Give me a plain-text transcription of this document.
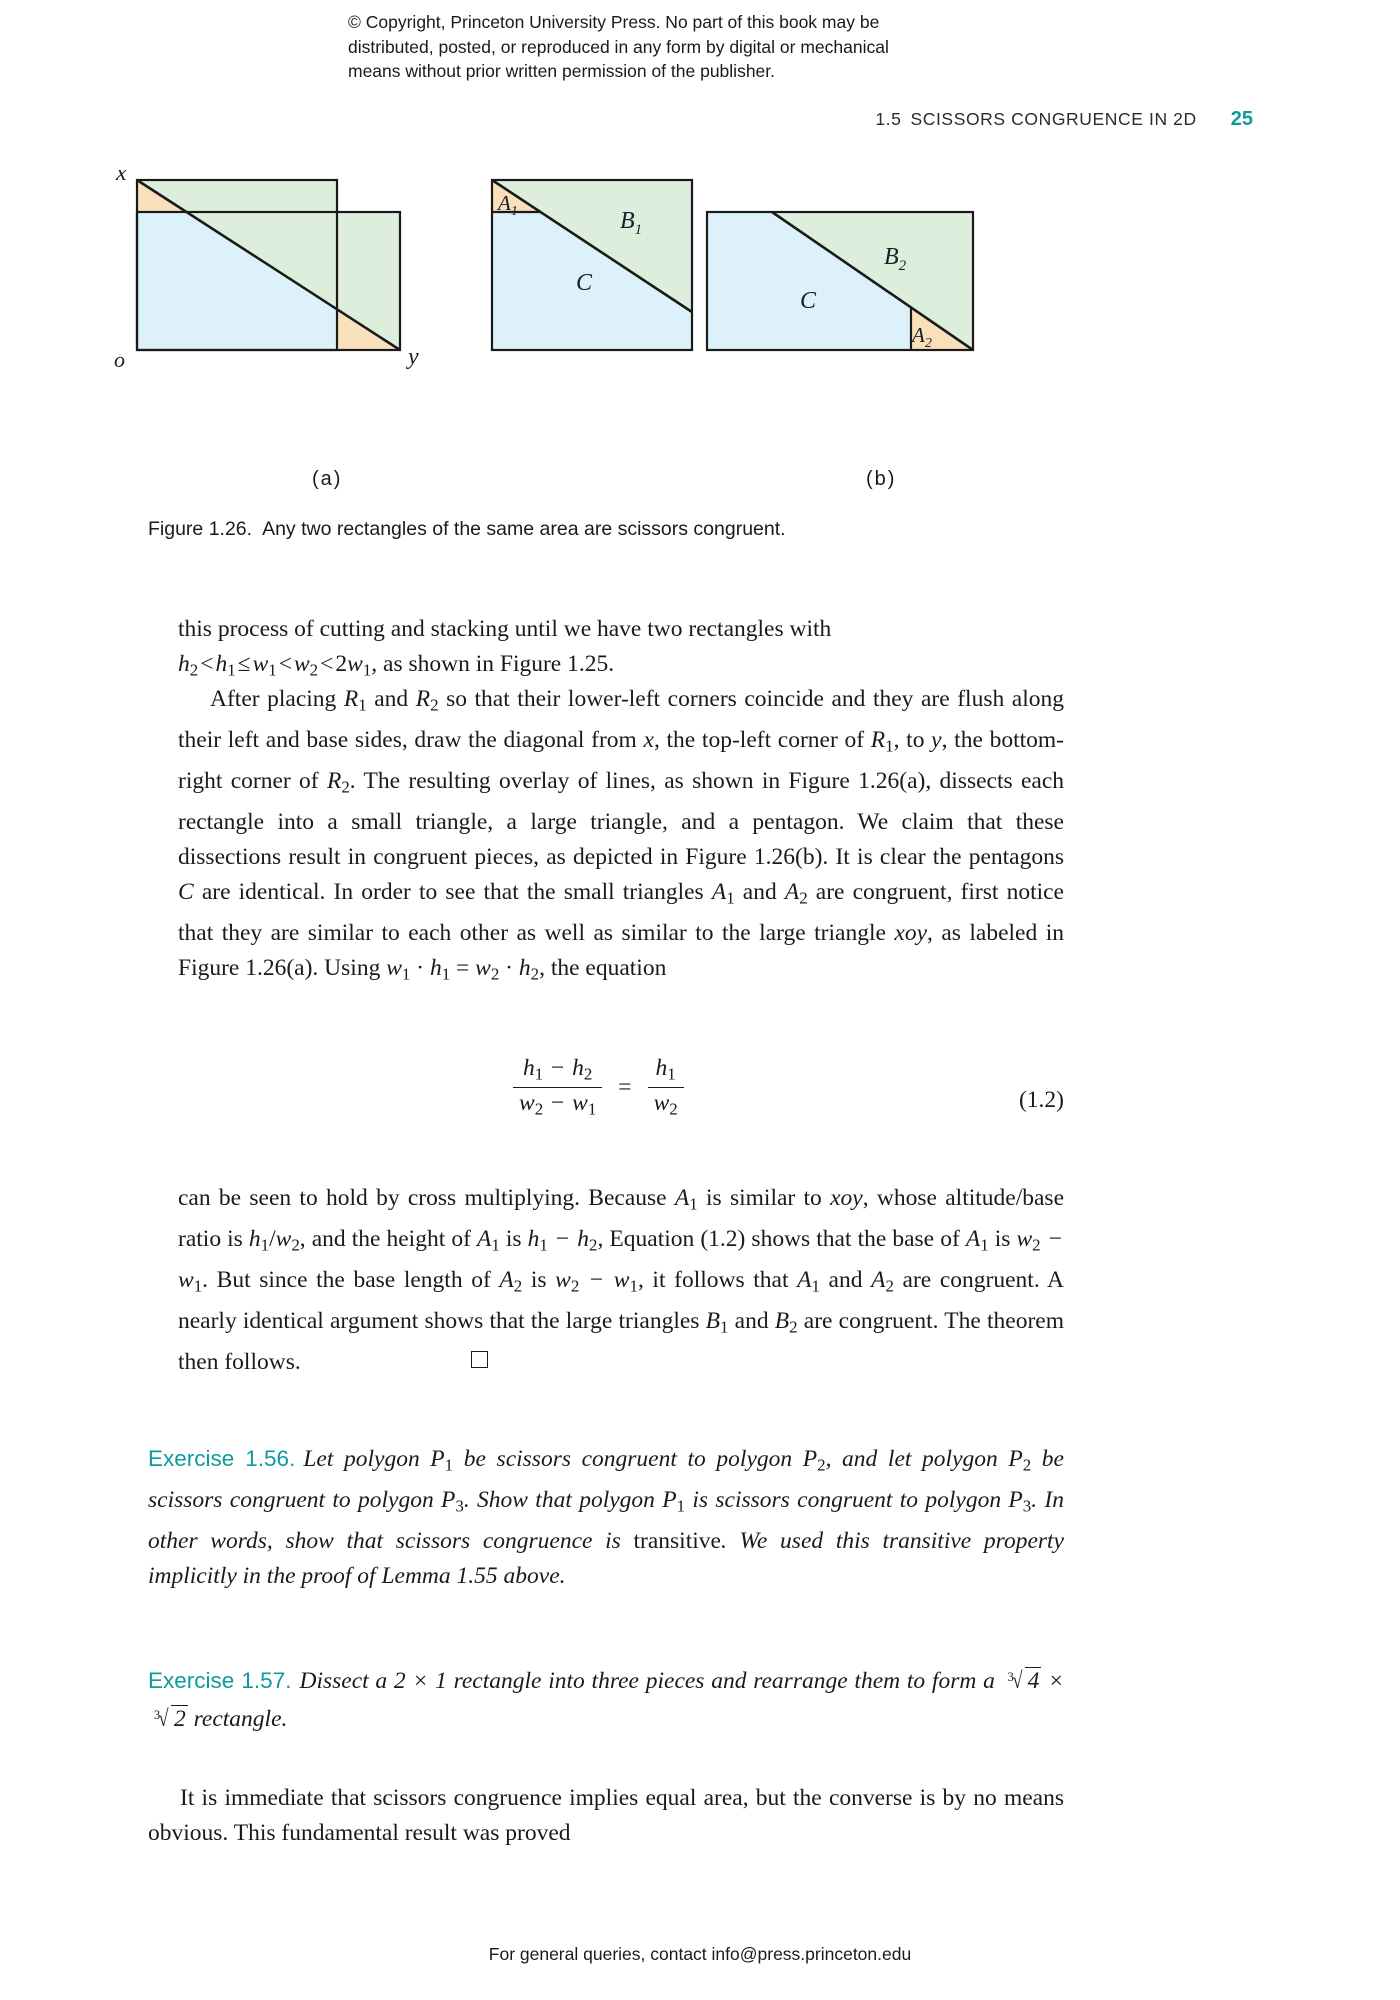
© Copyright, Princeton University Press. No part of this book may be
distributed, posted, or reproduced in any form by digital or mechanical
means without prior written permission of the publisher.
1.5 SCISSORS CONGRUENCE IN 2D 25
x
o	y
$A_1$	$B_1$
C
$B_2$
$A_2$
C
(a)	(b)
Figure 1.26. Any two rectangles of the same area are scissors congruent.

this process of cutting and stacking until we have two rectangles with
$h_2<h_1\le w_1<w_2<2w_1$, as shown in Figure 1.25.

After placing $R_1$ and $R_2$ so that their lower-left corners coincide and they are flush along their left and base sides, draw the diagonal from x, the top-left corner of $R_1$, to y, the bottom-right corner of $R_2$. The resulting overlay of lines, as shown in Figure 1.26(a), dissects each rectangle into a small triangle, a large triangle, and a pentagon. We claim that these dissections result in congruent pieces, as depicted in Figure 1.26(b). It is clear the pentagons C are identical. In order to see that the small triangles $A_1$ and $A_2$ are congruent, first notice that they are similar to each other as well as similar to the large triangle xoy, as labeled in Figure 1.26(a). Using $w_1 \cdot h_1 = w_2 \cdot h_2$, the equation

$\frac{h_1 - h_2}{w_2 - w_1} = \frac{h_1}{w_2}$	(1.2)

can be seen to hold by cross multiplying. Because $A_1$ is similar to xoy, whose altitude/base ratio is $h_1/w_2$, and the height of $A_1$ is $h_1 - h_2$, Equation (1.2) shows that the base of $A_1$ is $w_2 - w_1$. But since the base length of $A_2$ is $w_2 - w_1$, it follows that $A_1$ and $A_2$ are congruent. A nearly identical argument shows that the large triangles $B_1$ and $B_2$ are congruent. The theorem then follows.

Exercise 1.56. Let polygon $P_1$ be scissors congruent to polygon $P_2$, and let polygon $P_2$ be scissors congruent to polygon $P_3$. Show that polygon $P_1$ is scissors congruent to polygon $P_3$. In other words, show that scissors congruence is transitive. We used this transitive property implicitly in the proof of Lemma 1.55 above.
Exercise 1.57. Dissect a 2 × 1 rectangle into three pieces and rearrange them to form a $^3$√ 4 × $^3$√ 2 rectangle.

It is immediate that scissors congruence implies equal area, but the converse is by no means obvious. This fundamental result was proved

For general queries, contact info@press.princeton.edu
